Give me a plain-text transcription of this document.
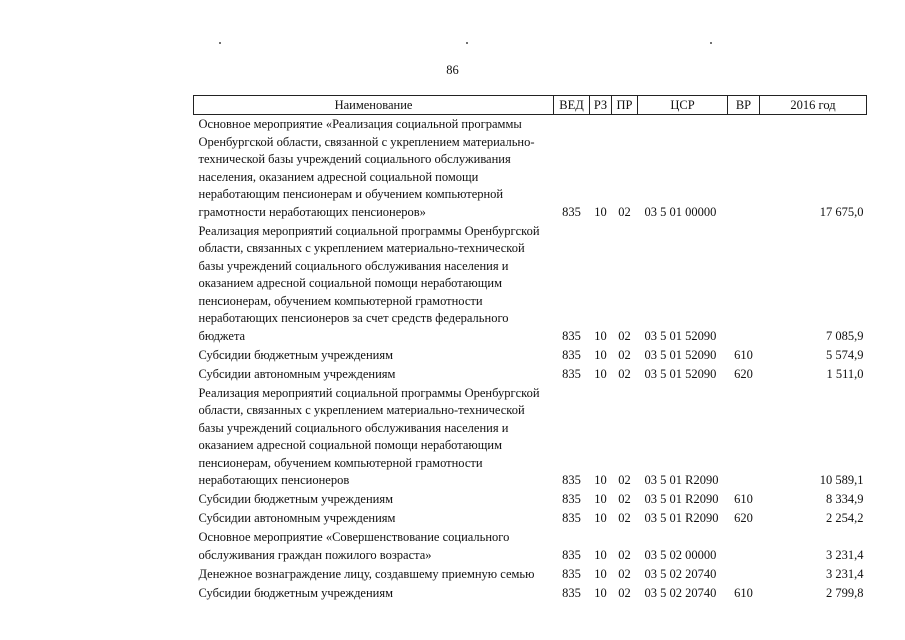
86
Наименование	ВЕД	РЗ	ПР	ЦСР	ВР	2016 год
Основное мероприятие «Реализация социальной программы Оренбургской области, связанной с укреплением материально-технической базы учреждений социального обслуживания населения, оказанием адресной социальной помощи неработающим пенсионерам и обучением компьютерной грамотности неработающих пенсионеров»	835	10	02	03 5 01 00000		17 675,0
Реализация мероприятий социальной программы Оренбургской области, связанных с укреплением материально-технической базы учреждений социального обслуживания населения и оказанием адресной социальной помощи неработающим пенсионерам, обучением компьютерной грамотности неработающих пенсионеров за счет средств федерального бюджета	835	10	02	03 5 01 52090		7 085,9
Субсидии бюджетным учреждениям	835	10	02	03 5 01 52090	610	5 574,9
Субсидии автономным учреждениям	835	10	02	03 5 01 52090	620	1 511,0
Реализация мероприятий социальной программы Оренбургской области, связанных с укреплением материально-технической базы учреждений социального обслуживания населения и оказанием адресной социальной помощи неработающим пенсионерам, обучением компьютерной грамотности неработающих пенсионеров	835	10	02	03 5 01 R2090		10 589,1
Субсидии бюджетным учреждениям	835	10	02	03 5 01 R2090	610	8 334,9
Субсидии автономным учреждениям	835	10	02	03 5 01 R2090	620	2 254,2
Основное мероприятие «Совершенствование социального обслуживания граждан пожилого возраста»	835	10	02	03 5 02 00000		3 231,4
Денежное вознаграждение лицу, создавшему приемную семью	835	10	02	03 5 02 20740		3 231,4
Субсидии бюджетным учреждениям	835	10	02	03 5 02 20740	610	2 799,8
